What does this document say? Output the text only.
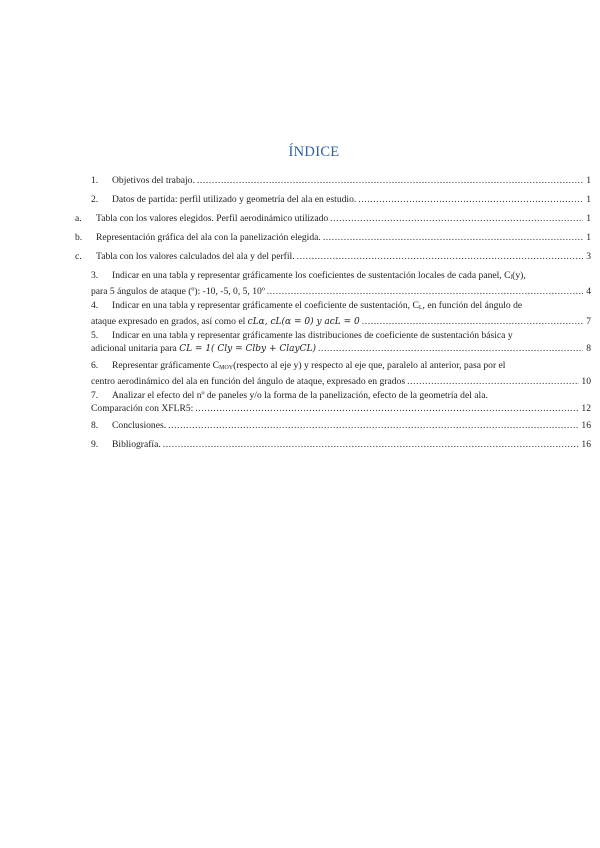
ÍNDICE
1.	Objetivos del trabajo. .....	1
2.	Datos de partida: perfil utilizado y geometría del ala en estudio. .....	1
a.	Tabla con los valores elegidos. Perfil aerodinámico utilizado .....	1
b.	Representación gráfica del ala con la panelización elegida. .....	1
c.	Tabla con los valores calculados del ala y del perfil. .....	3
3. Indicar en una tabla y representar gráficamente los coeficientes de sustentación locales de cada panel, $C_l(y)$,
para 5 ángulos de ataque (º): -10, -5, 0, 5, 10º .....	4
4. Indicar en una tabla y representar gráficamente el coeficiente de sustentación, $C_L$, en función del ángulo de
ataque expresado en grados, así como el
cLα, cL(α = 0) y acL = 0 .....	7
5. Indicar en una tabla y representar gráficamente las distribuciones de coeficiente de sustentación básica y
adicional unitaria para
CL = 1( Cly = Clby + ClayCL) .....	8
6. Representar gráficamente $C_{MOY}(respecto$ al eje y) y respecto al eje que, paralelo al anterior, pasa por el
centro aerodinámico del ala en función del ángulo de ataque, expresado en grados .....	10
7. Analizar el efecto del nº de paneles y/o la forma de la panelización, efecto de la geometría del ala.
Comparación con XFLR5: .....	12
8.	Conclusiones. .....	16
9.	Bibliografía. .....	16
